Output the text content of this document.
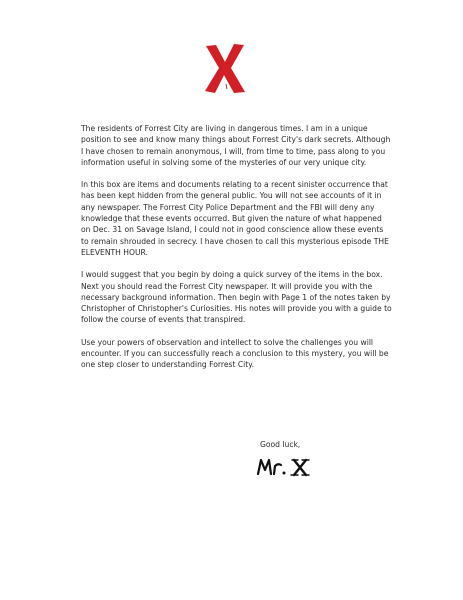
The residents of Forrest City are living in dangerous times. I am in a unique position to see and know many things about Forrest City's dark secrets. Although I have chosen to remain anonymous, I will, from time to time, pass along to you information useful in solving some of the mysteries of our very unique city.

In this box are items and documents relating to a recent sinister occurrence that has been kept hidden from the general public. You will not see accounts of it in any newspaper. The Forrest City Police Department and the FBI will deny any knowledge that these events occurred. But given the nature of what happened on Dec. 31 on Savage Island, I could not in good conscience allow these events to remain shrouded in secrecy. I have chosen to call this mysterious episode THE ELEVENTH HOUR.

I would suggest that you begin by doing a quick survey of the items in the box. Next you should read the Forrest City newspaper. It will provide you with the necessary background information. Then begin with Page 1 of the notes taken by Christopher of Christopher's Curiosities. His notes will provide you with a guide to follow the course of events that transpired.

Use your powers of observation and intellect to solve the challenges you will encounter. If you can successfully reach a conclusion to this mystery, you will be one step closer to understanding Forrest City.

Good luck,
